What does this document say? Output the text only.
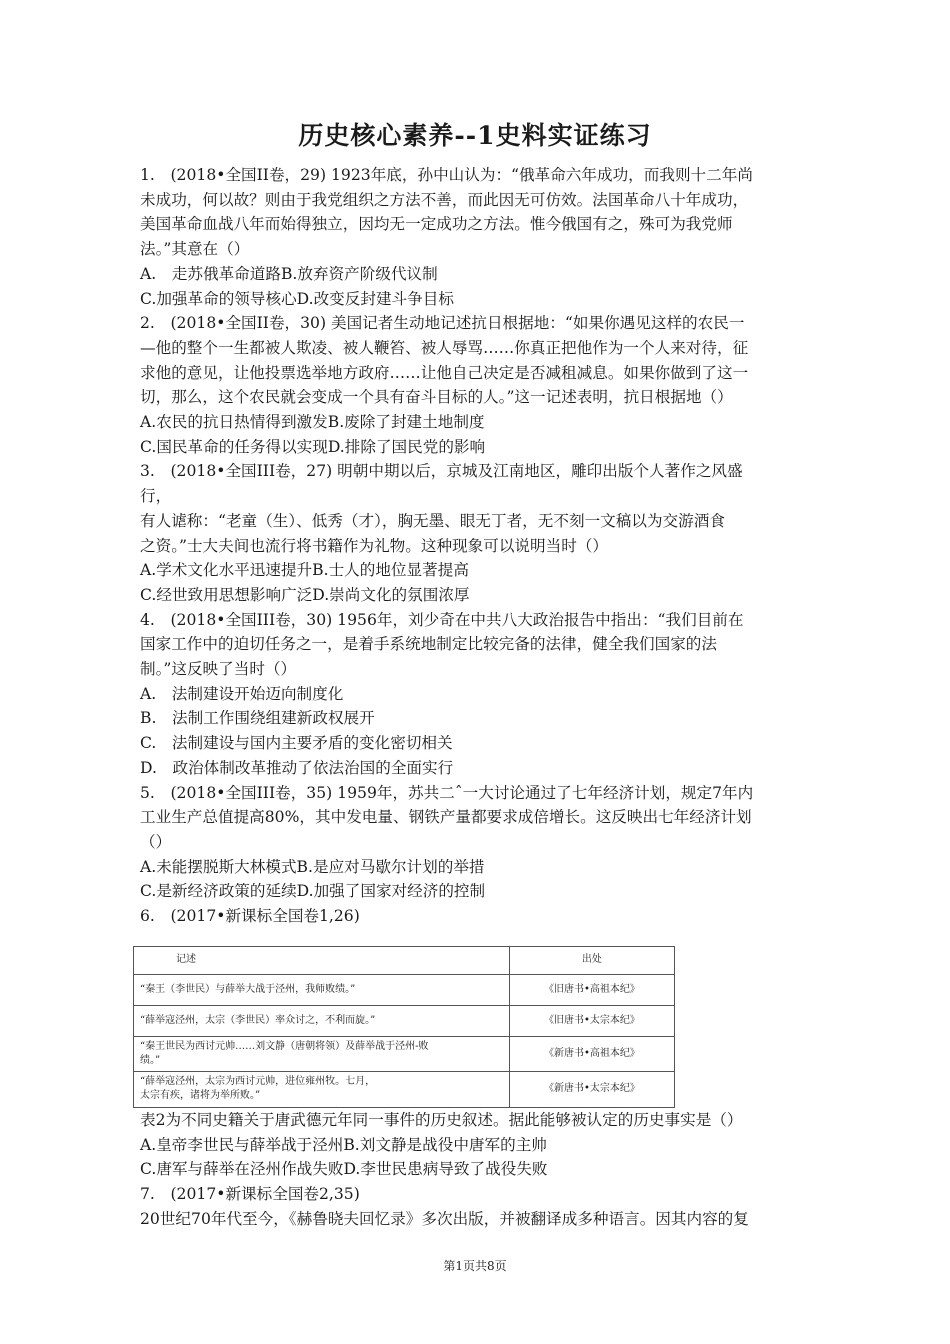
历史核心素养--1史料实证练习

1.　(2018•全国II卷，29) 1923年底，孙中山认为：“俄革命六年成功，而我则十二年尚
未成功，何以故？则由于我党组织之方法不善，而此因无可仿效。法国革命八十年成功，
美国革命血战八年而始得独立，因均无一定成功之方法。惟今俄国有之，殊可为我党师
法。”其意在（）

A.　走苏俄革命道路B.放弃资产阶级代议制

C.加强革命的领导核心D.改变反封建斗争目标

2.　(2018•全国II卷，30) 美国记者生动地记述抗日根据地：“如果你遇见这样的农民一
—他的整个一生都被人欺凌、被人鞭笞、被人辱骂……你真正把他作为一个人来对待，征
求他的意见，让他投票选举地方政府……让他自己决定是否减租减息。如果你做到了这一
切，那么，这个农民就会变成一个具有奋斗目标的人。”这一记述表明，抗日根据地（）

A.农民的抗日热情得到激发B.废除了封建土地制度

C.国民革命的任务得以实现D.排除了国民党的影响

3.　(2018•全国III卷，27) 明朝中期以后，京城及江南地区，雕印出版个人著作之风盛
行，
有人谑称：“老童（生）、低秀（才），胸无墨、眼无丁者，无不刻一文稿以为交游酒食
之资。”士大夫间也流行将书籍作为礼物。这种现象可以说明当时（）

A.学术文化水平迅速提升B.士人的地位显著提高

C.经世致用思想影响广泛D.崇尚文化的氛围浓厚

4.　(2018•全国III卷，30) 1956年，刘少奇在中共八大政治报告中指出：“我们目前在
国家工作中的迫切任务之一，是着手系统地制定比较完备的法律，健全我们国家的法
制。”这反映了当时（）

A.　法制建设开始迈向制度化

B.　法制工作围绕组建新政权展开

C.　法制建设与国内主要矛盾的变化密切相关

D.　政治体制改革推动了依法治国的全面实行

5.　(2018•全国III卷，35) 1959年，苏共二ˆ一大讨论通过了七年经济计划，规定7年内
工业生产总值提高80%，其中发电量、钢铁产量都要求成倍增长。这反映出七年经济计划
（）

A.未能摆脱斯大林模式B.是应对马歇尔计划的举措

C.是新经济政策的延续D.加强了国家对经济的控制

6.　(2017•新课标全国卷1,26)

记述	出处
“秦王（李世民）与薛举大战于泾州，我师败绩。”	《旧唐书•高祖本纪》
“薛举寇泾州，太宗（李世民）率众讨之，不利而旋。”	《旧唐书•太宗本纪》
“秦王世民为西讨元帅……刘文静（唐朝将领）及薛举战于泾州-败
绩。”	《新唐书•高祖本纪》
“薛举寇泾州，太宗为西讨元帅，进位雍州牧。七月，
太宗有疾，诸将为举所败。”	《新唐书•太宗本纪》

表2为不同史籍关于唐武德元年同一事件的历史叙述。据此能够被认定的历史事实是（）

A.皇帝李世民与薛举战于泾州B.刘文静是战役中唐军的主帅

C.唐军与薛举在泾州作战失败D.李世民患病导致了战役失败

7.　(2017•新课标全国卷2,35)

20世纪70年代至今，《赫鲁晓夫回忆录》多次出版，并被翻译成多种语言。因其内容的复

第1页共8页
